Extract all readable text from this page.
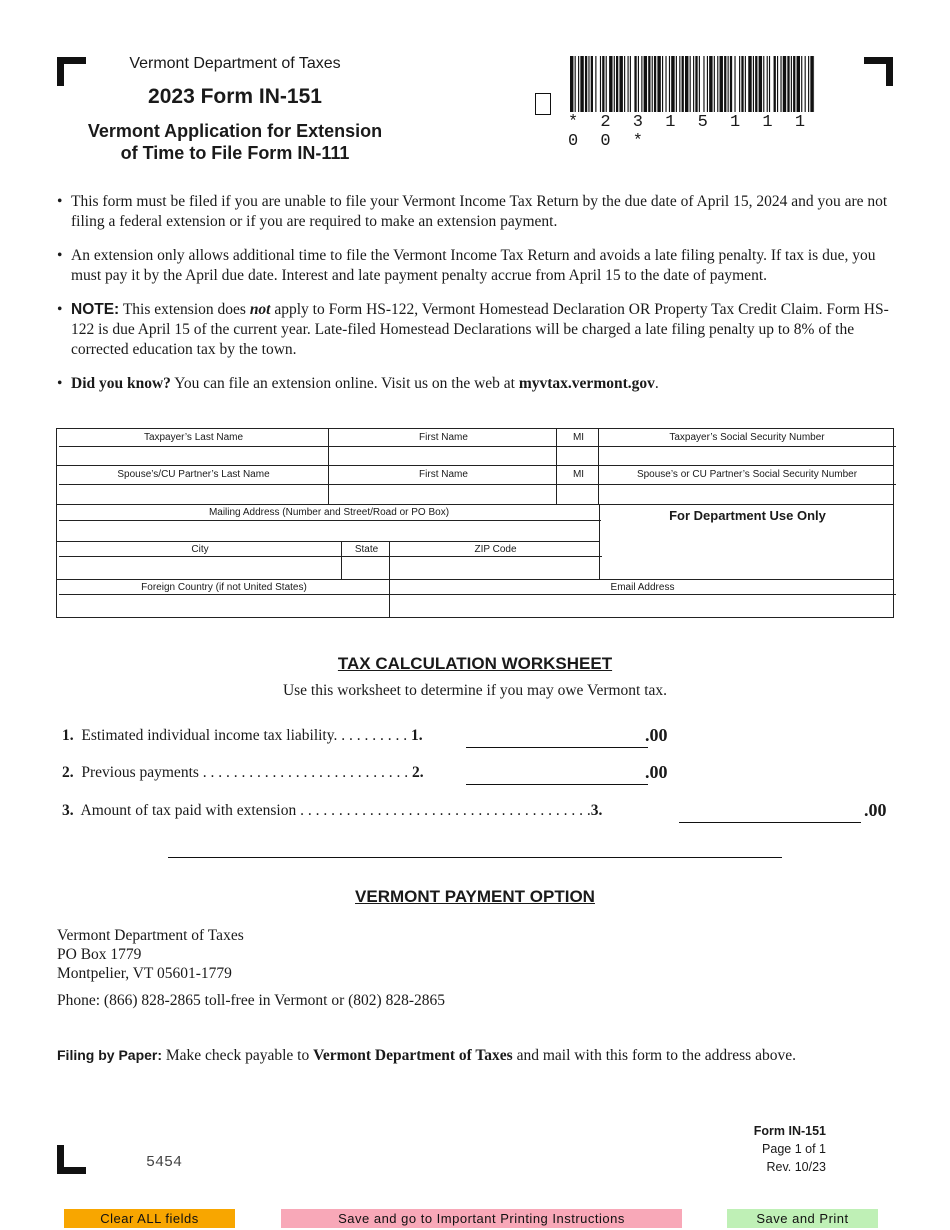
Vermont Department of Taxes
2023 Form IN-151
Vermont Application for Extension
of Time to File Form IN-111
* 2 3 1 5 1 1 1 0 0 *
• This form must be filed if you are unable to file your Vermont Income Tax Return by the due date of April 15, 2024 and you are not filing a federal extension or if you are required to make an extension payment.
• An extension only allows additional time to file the Vermont Income Tax Return and avoids a late filing penalty. If tax is due, you must pay it by the April due date. Interest and late payment penalty accrue from April 15 to the date of payment.
• NOTE: This extension does not apply to Form HS-122, Vermont Homestead Declaration OR Property Tax Credit Claim. Form HS-122 is due April 15 of the current year. Late-filed Homestead Declarations will be charged a late filing penalty up to 8% of the corrected education tax by the town.
• Did you know? You can file an extension online. Visit us on the web at myvtax.vermont.gov.
Taxpayer’s Last Name	First Name	MI	Taxpayer’s Social Security Number
Spouse’s/CU Partner’s Last Name	First Name	MI	Spouse’s or CU Partner’s Social Security Number
Mailing Address (Number and Street/Road or PO Box)	For Department Use Only
City	State	ZIP Code
Foreign Country (if not United States)	Email Address
TAX CALCULATION WORKSHEET
Use this worksheet to determine if you may owe Vermont tax.
1. Estimated individual income tax liability. . . . . . . . . . 1.	.00
2. Previous payments . . . . . . . . . . . . . . . . . . . . . . . . . . . 2.	.00
3. Amount of tax paid with extension . . . . . . . . . . . . . . . . . . . . . . . . . . . . . . . . . . . . . .3.	.00
VERMONT PAYMENT OPTION
Vermont Department of Taxes
PO Box 1779
Montpelier, VT 05601-1779
Phone: (866) 828-2865 toll-free in Vermont or (802) 828-2865
Filing by Paper: Make check payable to Vermont Department of Taxes and mail with this form to the address above.
Form IN-151
Page 1 of 1
Rev. 10/23
5454
Clear ALL fields	Save and go to Important Printing Instructions	Save and Print
